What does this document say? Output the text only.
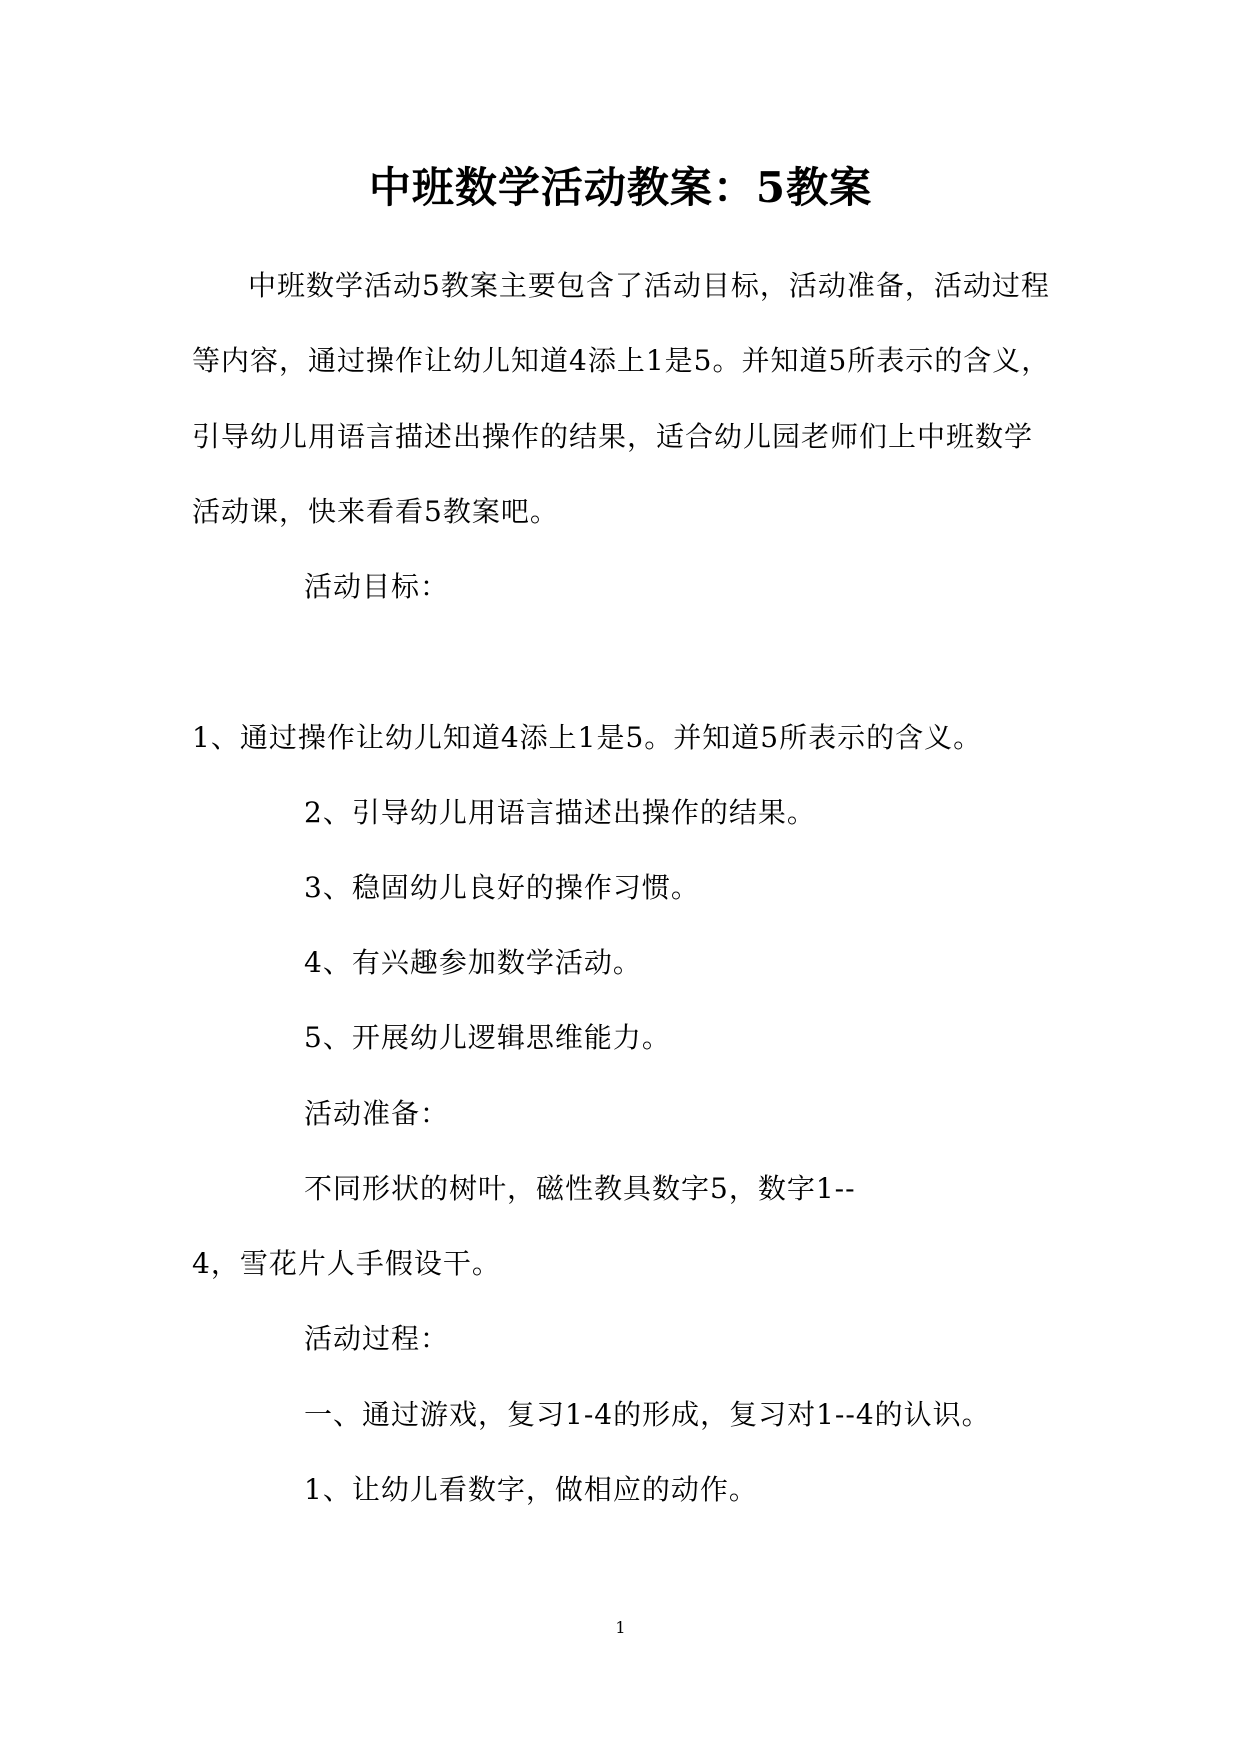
中班数学活动教案：5教案
中班数学活动5教案主要包含了活动目标，活动准备，活动过程
等内容，通过操作让幼儿知道4添上1是5。并知道5所表示的含义，
引导幼儿用语言描述出操作的结果，适合幼儿园老师们上中班数学
活动课，快来看看5教案吧。
活动目标：
1、通过操作让幼儿知道4添上1是5。并知道5所表示的含义。
2、引导幼儿用语言描述出操作的结果。
3、稳固幼儿良好的操作习惯。
4、有兴趣参加数学活动。
5、开展幼儿逻辑思维能力。
活动准备：
不同形状的树叶，磁性教具数字5，数字1--
4，雪花片人手假设干。
活动过程：
一、通过游戏，复习1-4的形成，复习对1--4的认识。
1、让幼儿看数字，做相应的动作。
1
